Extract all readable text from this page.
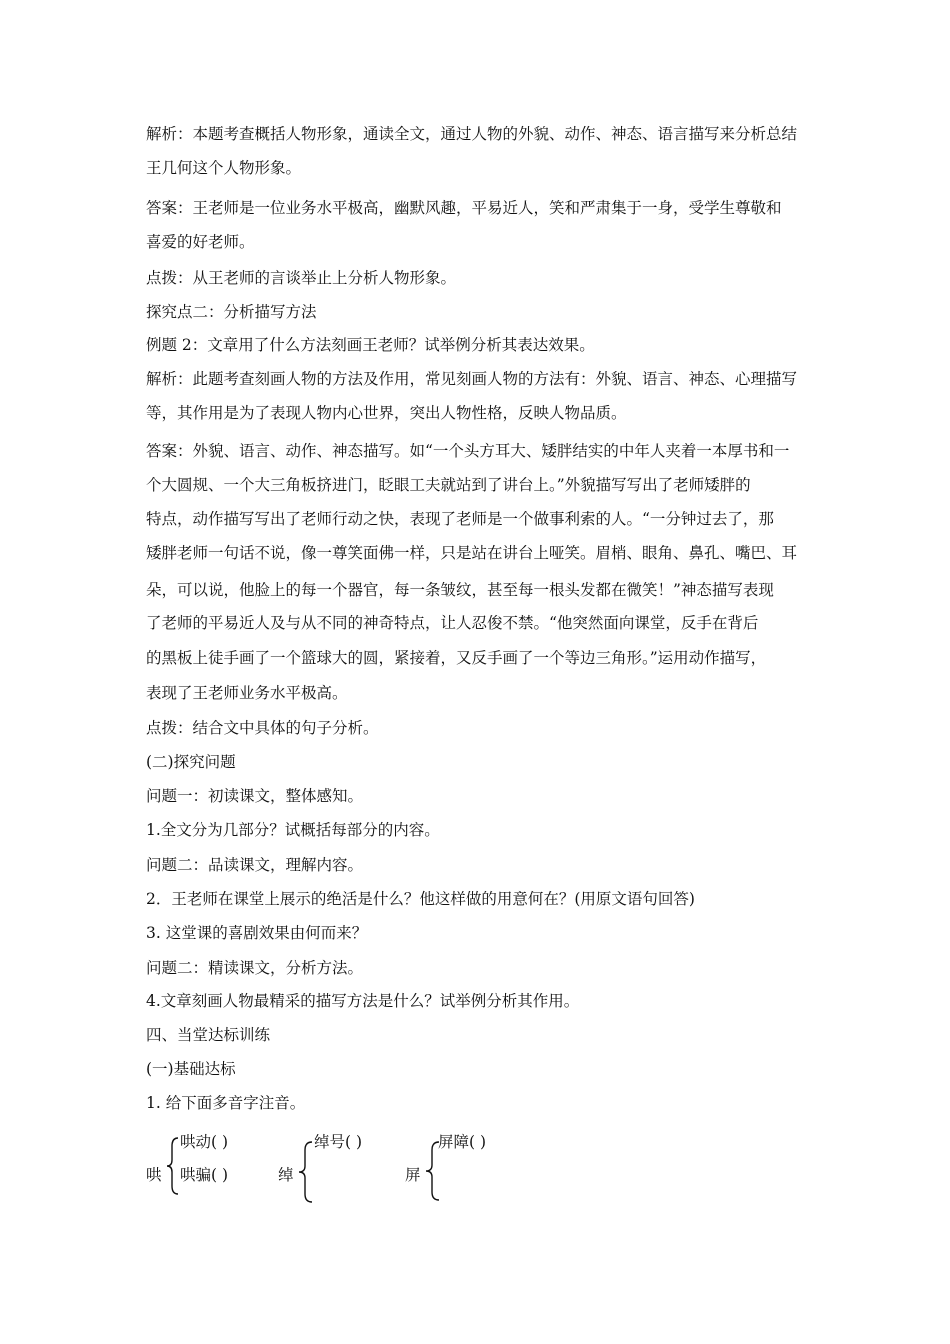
解析：本题考查概括人物形象，通读全文，通过人物的外貌、动作、神态、语言描写来分析总结
王几何这个人物形象。
答案：王老师是一位业务水平极高，幽默风趣，平易近人，笑和严肃集于一身，受学生尊敬和
喜爱的好老师。
点拨：从王老师的言谈举止上分析人物形象。
探究点二：分析描写方法
例题 2：文章用了什么方法刻画王老师？试举例分析其表达效果。
解析：此题考查刻画人物的方法及作用，常见刻画人物的方法有：外貌、语言、神态、心理描写
等，其作用是为了表现人物内心世界，突出人物性格，反映人物品质。
答案：外貌、语言、动作、神态描写。如“一个头方耳大、矮胖结实的中年人夹着一本厚书和一
个大圆规、一个大三角板挤进门，眨眼工夫就站到了讲台上。”外貌描写写出了老师矮胖的
特点，动作描写写出了老师行动之快，表现了老师是一个做事利索的人。“一分钟过去了，那
矮胖老师一句话不说，像一尊笑面佛一样，只是站在讲台上哑笑。眉梢、眼角、鼻孔、嘴巴、耳
朵，可以说，他脸上的每一个器官，每一条皱纹，甚至每一根头发都在微笑！”神态描写表现
了老师的平易近人及与从不同的神奇特点，让人忍俊不禁。“他突然面向课堂，反手在背后
的黑板上徒手画了一个篮球大的圆，紧接着，又反手画了一个等边三角形。”运用动作描写，
表现了王老师业务水平极高。
点拨：结合文中具体的句子分析。
(二)探究问题
问题一：初读课文，整体感知。
1.全文分为几部分？试概括每部分的内容。
问题二：品读课文，理解内容。
2．王老师在课堂上展示的绝活是什么？他这样做的用意何在？(用原文语句回答)
3. 这堂课的喜剧效果由何而来？
问题二：精读课文，分析方法。
4.文章刻画人物最精采的描写方法是什么？试举例分析其作用。
四、当堂达标训练
(一)基础达标
1. 给下面多音字注音。
哄
哄动( )
哄骗( )	绰
绰号( )
屏
屏障( )
